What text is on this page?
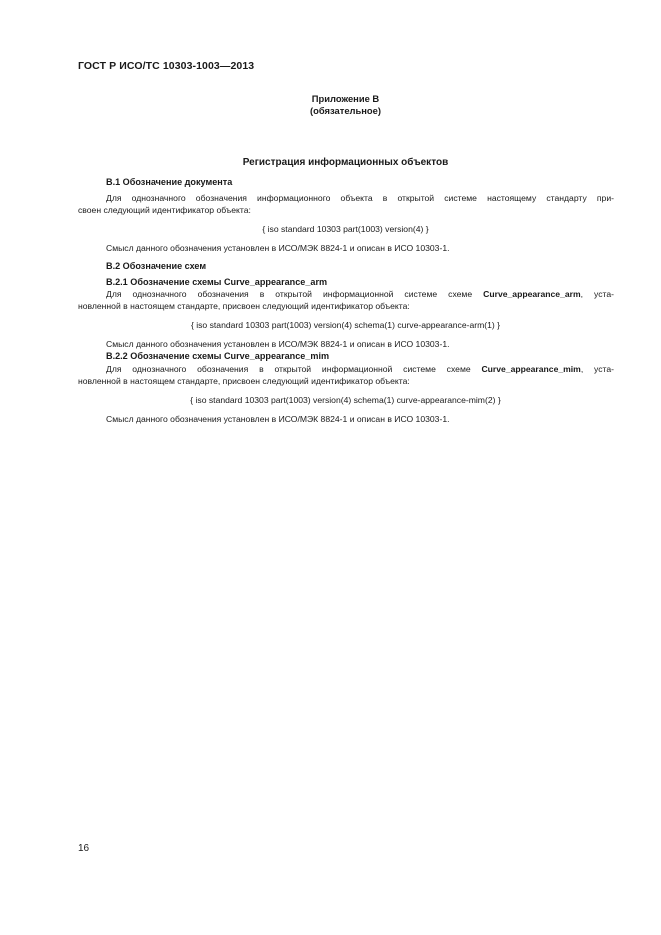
ГОСТ Р ИСО/ТС 10303-1003—2013
Приложение В
(обязательное)
Регистрация информационных объектов
В.1 Обозначение документа
Для однозначного обозначения информационного объекта в открытой системе настоящему стандарту при-
своен следующий идентификатор объекта:
{ iso standard 10303 part(1003) version(4) }
Смысл данного обозначения установлен в ИСО/МЭК 8824-1 и описан в ИСО 10303-1.
В.2 Обозначение схем
В.2.1 Обозначение схемы Curve_appearance_arm
Для однозначного обозначения в открытой информационной системе схеме Curve_appearance_arm, уста-
новленной в настоящем стандарте, присвоен следующий идентификатор объекта:
{ iso standard 10303 part(1003) version(4) schema(1) curve-appearance-arm(1) }
Смысл данного обозначения установлен в ИСО/МЭК 8824-1 и описан в ИСО 10303-1.
В.2.2 Обозначение схемы Curve_appearance_mim
Для однозначного обозначения в открытой информационной системе схеме Curve_appearance_mim, уста-
новленной в настоящем стандарте, присвоен следующий идентификатор объекта:
{ iso standard 10303 part(1003) version(4) schema(1) curve-appearance-mim(2) }
Смысл данного обозначения установлен в ИСО/МЭК 8824-1 и описан в ИСО 10303-1.
16
